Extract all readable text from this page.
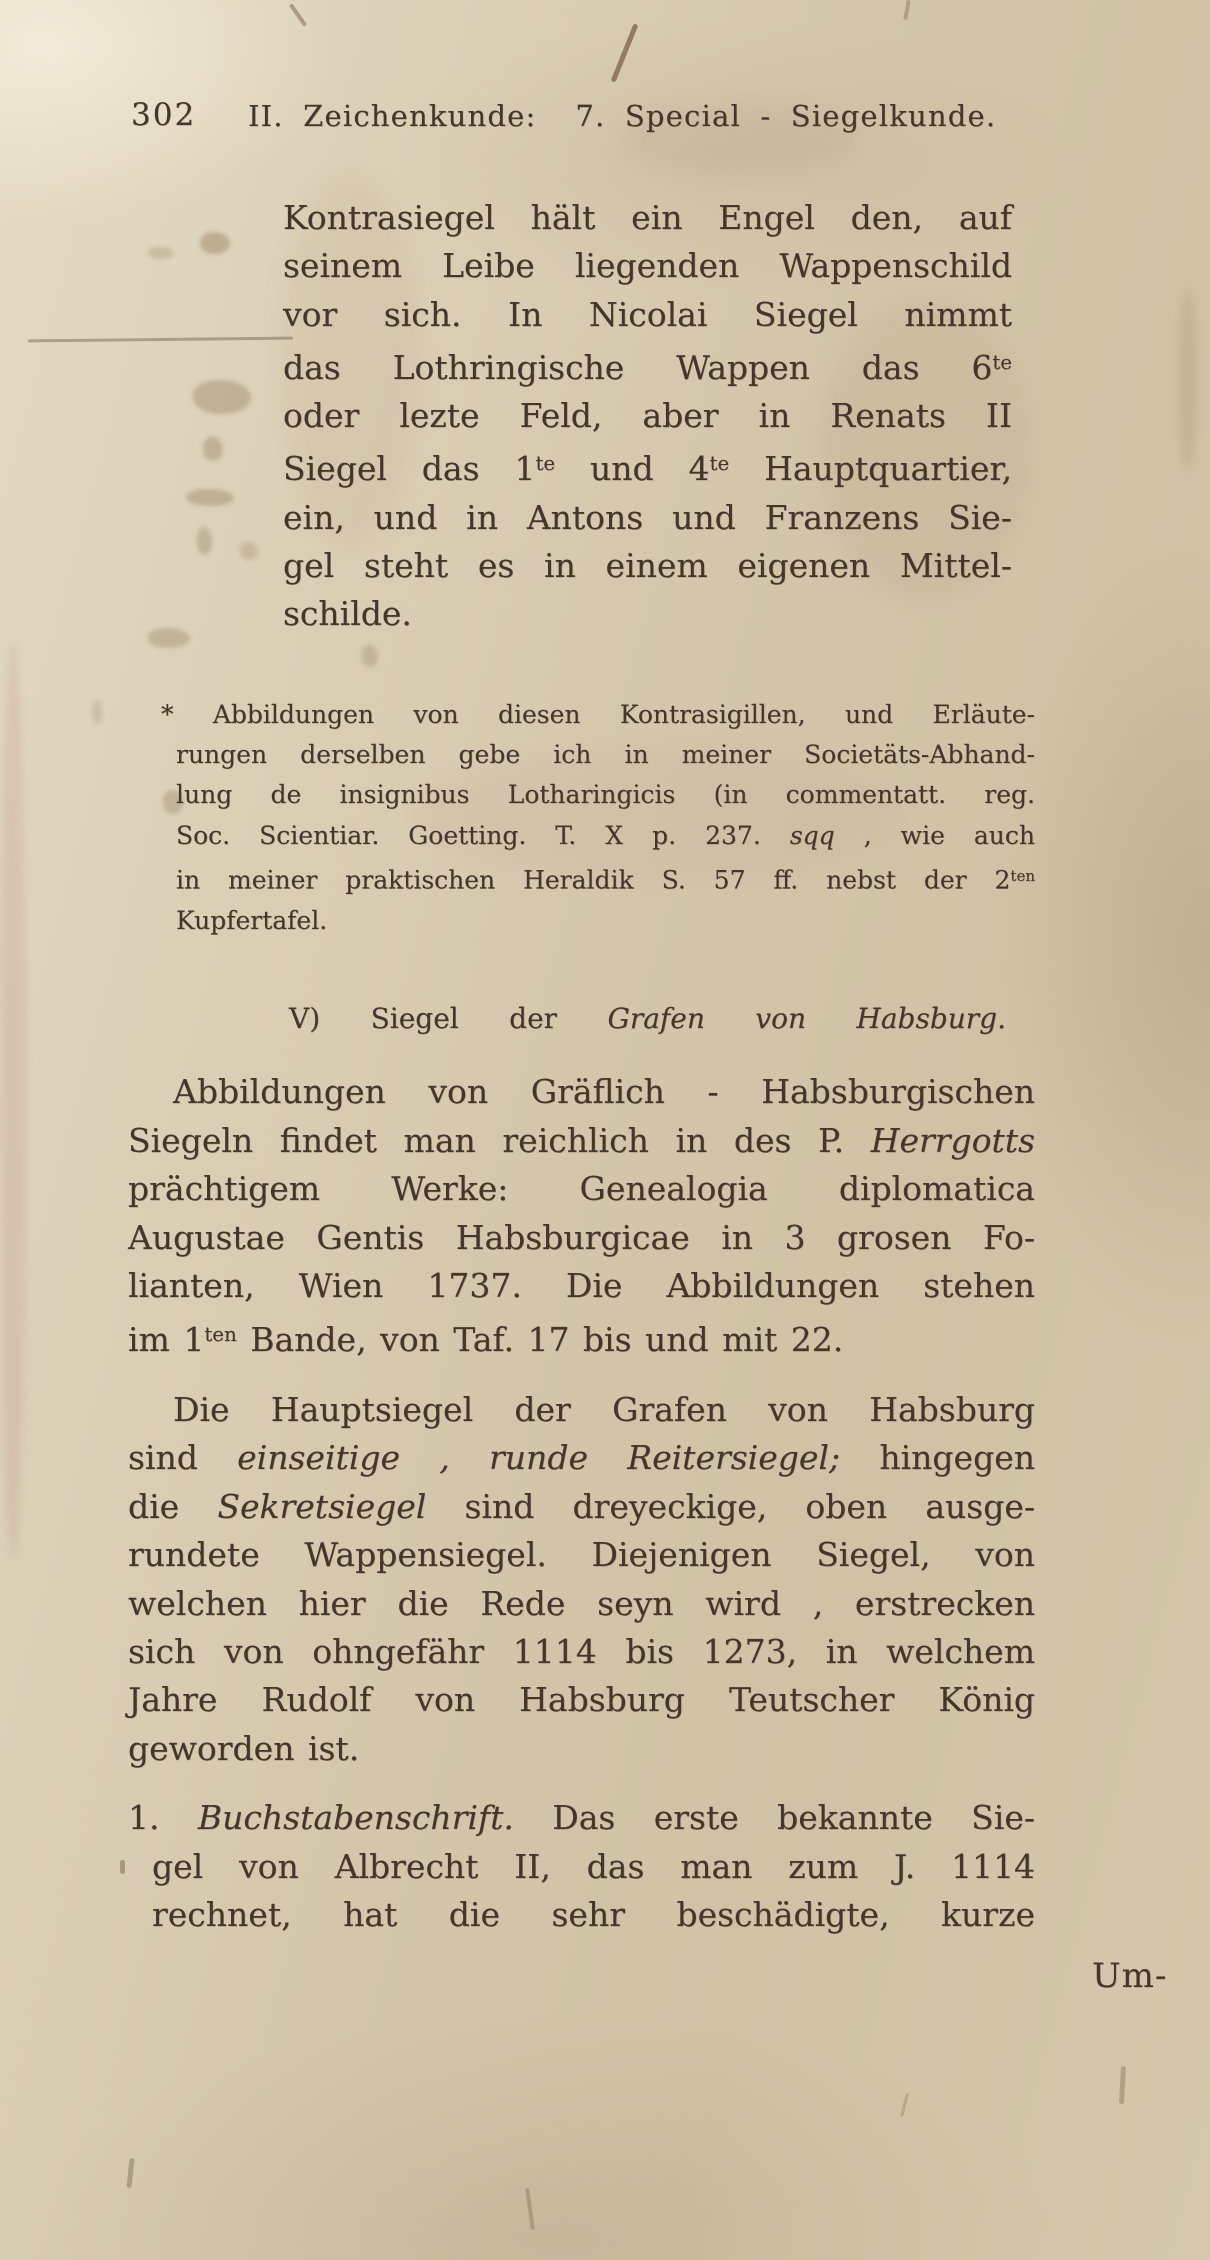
302 II. Zeichenkunde:  7. Special - Siegelkunde.
Kontrasiegel hält ein Engel den, auf
seinem Leibe liegenden Wappenschild
vor sich. In Nicolai Siegel nimmt
das Lothringische Wappen das $6^{te}$
oder lezte Feld, aber in Renats II
Siegel das $1^{te}$ und $4^{te}$ Hauptquartier,
ein, und in Antons und Franzens Sie-
gel steht es in einem eigenen Mittel-
schilde.
* Abbildungen von diesen Kontrasigillen, und Erläute-
rungen derselben gebe ich in meiner Societäts-Abhand-
lung de insignibus Lotharingicis (in commentatt. reg.
Soc. Scientiar. Goetting. T. X p. 237. sqq , wie auch
in meiner praktischen Heraldik S. 57 ff. nebst der $2^{ten}$
Kupfertafel.
V) Siegel der Grafen von Habsburg.
Abbildungen von Gräflich - Habsburgischen
Siegeln findet man reichlich in des P. Herrgotts
prächtigem Werke: Genealogia diplomatica
Augustae Gentis Habsburgicae in 3 grosen Fo-
lianten, Wien 1737. Die Abbildungen stehen
im $1^{ten}$ Bande, von Taf. 17 bis und mit 22.
Die Hauptsiegel der Grafen von Habsburg
sind einseitige , runde Reitersiegel; hingegen
die Sekretsiegel sind dreyeckige, oben ausge-
rundete Wappensiegel. Diejenigen Siegel, von
welchen hier die Rede seyn wird , erstrecken
sich von ohngefähr 1114 bis 1273, in welchem
Jahre Rudolf von Habsburg Teutscher König
geworden ist.
1. Buchstabenschrift. Das erste bekannte Sie-
gel von Albrecht II, das man zum J. 1114
rechnet, hat die sehr beschädigte, kurze
Um-
